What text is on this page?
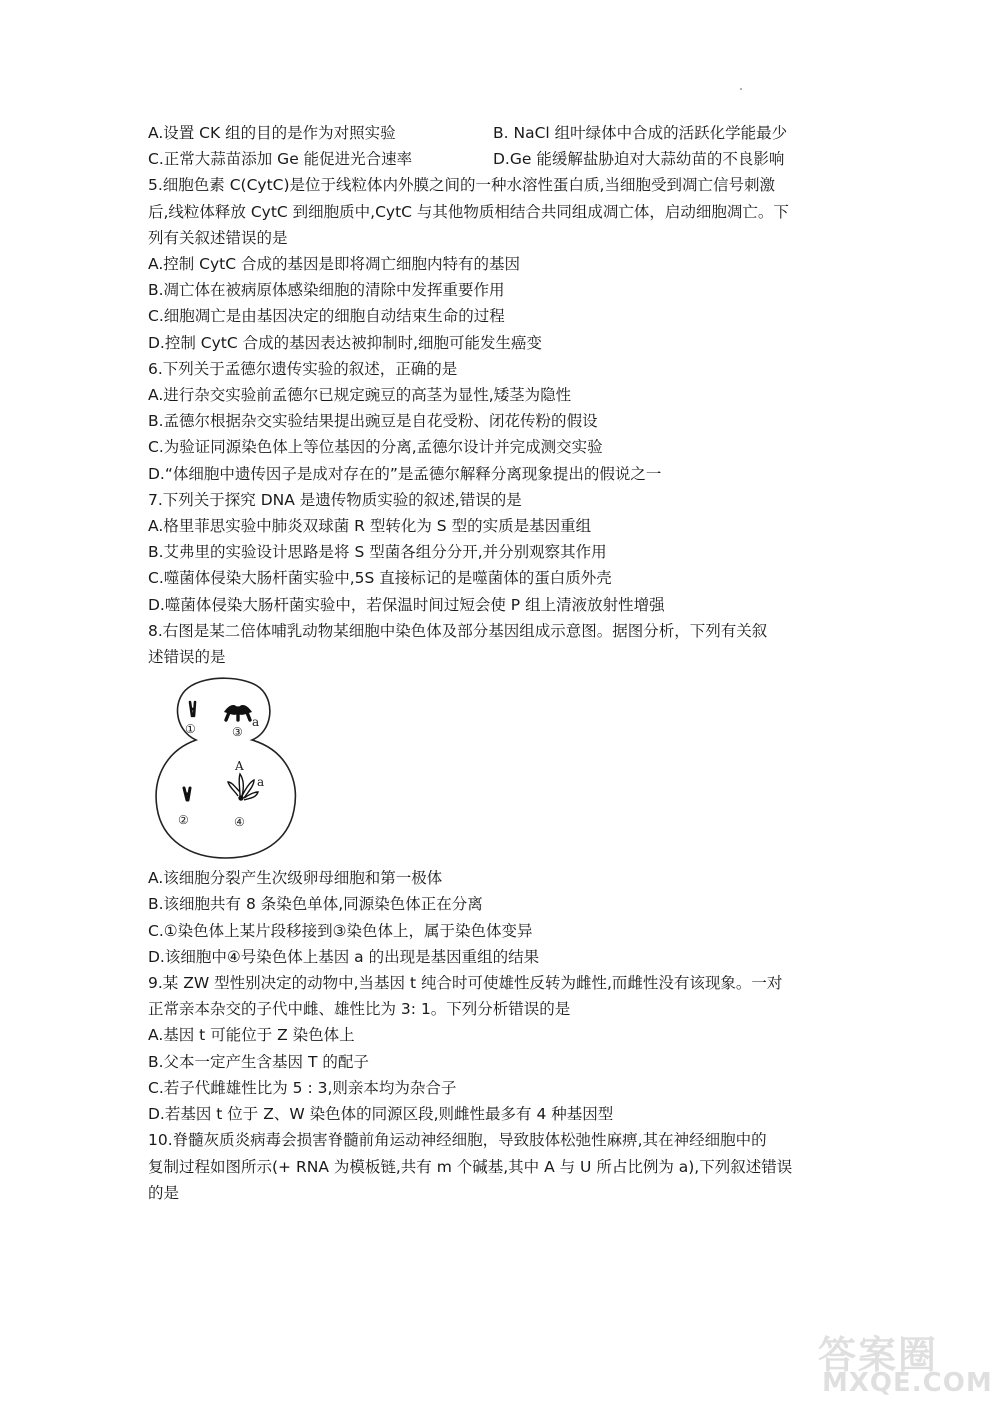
A.设置 CK 组的目的是作为对照实验	B. NaCl 组叶绿体中合成的活跃化学能最少
C.正常大蒜苗添加 Ge 能促进光合速率	D.Ge 能缓解盐胁迫对大蒜幼苗的不良影响
5.细胞色素 C(CytC)是位于线粒体内外膜之间的一种水溶性蛋白质,当细胞受到凋亡信号刺激
后,线粒体释放 CytC 到细胞质中,CytC 与其他物质相结合共同组成凋亡体，启动细胞凋亡。下
列有关叙述错误的是
A.控制 CytC 合成的基因是即将凋亡细胞内特有的基因
B.凋亡体在被病原体感染细胞的清除中发挥重要作用
C.细胞凋亡是由基因决定的细胞自动结束生命的过程
D.控制 CytC 合成的基因表达被抑制时,细胞可能发生癌变
6.下列关于孟德尔遗传实验的叙述，正确的是
A.进行杂交实验前孟德尔已规定豌豆的高茎为显性,矮茎为隐性
B.孟德尔根据杂交实验结果提出豌豆是自花受粉、闭花传粉的假设
C.为验证同源染色体上等位基因的分离,孟德尔设计并完成测交实验
D.“体细胞中遗传因子是成对存在的”是孟德尔解释分离现象提出的假说之一
7.下列关于探究 DNA 是遗传物质实验的叙述,错误的是
A.格里菲思实验中肺炎双球菌 R 型转化为 S 型的实质是基因重组
B.艾弗里的实验设计思路是将 S 型菌各组分分开,并分别观察其作用
C.噬菌体侵染大肠杆菌实验中,5S 直接标记的是噬菌体的蛋白质外壳
D.噬菌体侵染大肠杆菌实验中，若保温时间过短会使 P 组上清液放射性增强
8.右图是某二倍体哺乳动物某细胞中染色体及部分基因组成示意图。据图分析，下列有关叙
述错误的是
①	③
a
②
A
a
④
A.该细胞分裂产生次级卵母细胞和第一极体
B.该细胞共有 8 条染色单体,同源染色体正在分离
C.①染色体上某片段移接到③染色体上，属于染色体变异
D.该细胞中④号染色体上基因 a 的出现是基因重组的结果
9.某 ZW 型性别决定的动物中,当基因 t 纯合时可使雄性反转为雌性,而雌性没有该现象。一对
正常亲本杂交的子代中雌、雄性比为 3: 1。下列分析错误的是
A.基因 t 可能位于 Z 染色体上
B.父本一定产生含基因 T 的配子
C.若子代雌雄性比为 5 : 3,则亲本均为杂合子
D.若基因 t 位于 Z、W 染色体的同源区段,则雌性最多有 4 种基因型
10.脊髓灰质炎病毒会损害脊髓前角运动神经细胞，导致肢体松弛性麻痹,其在神经细胞中的
复制过程如图所示(+ RNA 为模板链,共有 m 个碱基,其中 A 与 U 所占比例为 a),下列叙述错误
的是
答案圈
MXQE.COM
